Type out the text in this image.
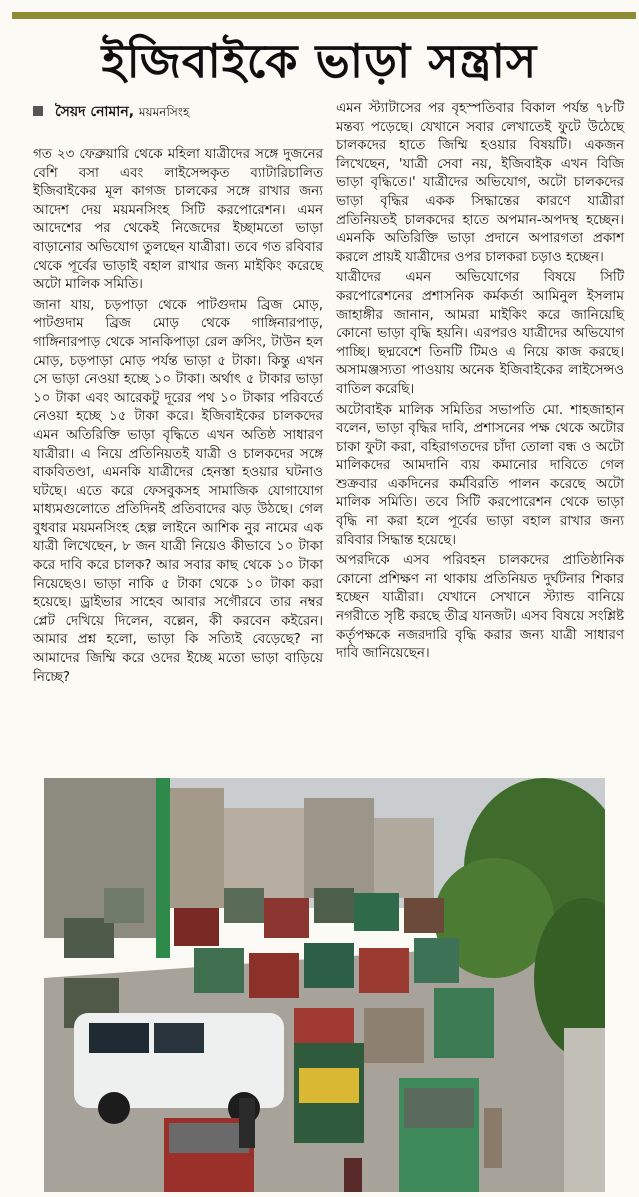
ইজিবাইকে ভাড়া সন্ত্রাস
সৈয়দ নোমান, ময়মনসিংহ

গত ২৩ ফেব্রুয়ারি থেকে মহিলা যাত্রীদের সঙ্গে দুজনের বেশি বসা এবং লাইসেন্সকৃত ব্যাটারিচালিত ইজিবাইকের মূল কাগজ চালকের সঙ্গে রাখার জন্য আদেশ দেয় ময়মনসিংহ সিটি করপোরেশন। এমন আদেশের পর থেকেই নিজেদের ইচ্ছামতো ভাড়া বাড়ানোর অভিযোগ তুলছেন যাত্রীরা। তবে গত রবিবার থেকে পূর্বের ভাড়াই বহাল রাখার জন্য মাইকিং করেছে অটো মালিক সমিতি।

জানা যায়, চড়পাড়া থেকে পাটগুদাম ব্রিজ মোড়, পাটগুদাম ব্রিজ মোড় থেকে গাঙ্গিনারপাড়, গাঙ্গিনারপাড় থেকে সানকিপাড়া রেল ক্রসিং, টাউন হল মোড়, চড়পাড়া মোড় পর্যন্ত ভাড়া ৫ টাকা। কিন্তু এখন সে ভাড়া নেওয়া হচ্ছে ১০ টাকা। অর্থাৎ ৫ টাকার ভাড়া ১০ টাকা এবং আরেকটু দূরের পথ ১০ টাকার পরিবর্তে নেওয়া হচ্ছে ১৫ টাকা করে। ইজিবাইকের চালকদের এমন অতিরিক্তি ভাড়া বৃদ্ধিতে এখন অতিষ্ঠ সাধারণ যাত্রীরা। এ নিয়ে প্রতিনিয়তই যাত্রী ও চালকদের সঙ্গে বাকবিতণ্ডা, এমনকি যাত্রীদের হেনস্তা হওয়ার ঘটনাও ঘটছে। এতে করে ফেসবুকসহ সামাজিক যোগাযোগ মাধ্যমগুলোতে প্রতিদিনই প্রতিবাদের ঝড় উঠছে। গেল বুধবার ময়মনসিংহ হেল্প লাইনে আশিক নুর নামের এক যাত্রী লিখেছেন, ৮ জন যাত্রী নিয়েও কীভাবে ১০ টাকা করে দাবি করে চালক? আর সবার কাছ থেকে ১০ টাকা নিয়েছেও। ভাড়া নাকি ৫ টাকা থেকে ১০ টাকা করা হয়েছে। ড্রাইভার সাহেব আবার সগৌরবে তার নম্বর প্লেট দেখিয়ে দিলেন, বল্লেন, কী করবেন কইরেন। আমার প্রশ্ন হলো, ভাড়া কি সত্যিই বেড়েছে? না আমাদের জিম্মি করে ওদের ইচ্ছে মতো ভাড়া বাড়িয়ে নিচ্ছে?

এমন স্ট্যাটাসের পর বৃহস্পতিবার বিকাল পর্যন্ত ৭৮টি মন্তব্য পড়েছে। যেখানে সবার লেখাতেই ফুটে উঠেছে চালকদের হাতে জিম্মি হওয়ার বিষয়টি। একজন লিখেছেন, 'যাত্রী সেবা নয়, ইজিবাইক এখন বিজি ভাড়া বৃদ্ধিতে।' যাত্রীদের অভিযোগ, অটো চালকদের ভাড়া বৃদ্ধির একক সিদ্ধান্তের কারণে যাত্রীরা প্রতিনিয়তই চালকদের হাতে অপমান-অপদস্থ হচ্ছেন। এমনকি অতিরিক্তি ভাড়া প্রদানে অপারগতা প্রকাশ করলে প্রায়ই যাত্রীদের ওপর চালকরা চড়াও হচ্ছেন।

যাত্রীদের এমন অভিযোগের বিষয়ে সিটি করপোরেশনের প্রশাসনিক কর্মকর্তা আমিনুল ইসলাম জাহাঙ্গীর জানান, আমরা মাইকিং করে জানিয়েছি কোনো ভাড়া বৃদ্ধি হয়নি। এরপরও যাত্রীদের অভিযোগ পাচ্ছি। ছদ্মবেশে তিনটি টিমও এ নিয়ে কাজ করছে। অসামঞ্জস্যতা পাওয়ায় অনেক ইজিবাইকের লাইসেন্সও বাতিল করেছি।

অটোবাইক মালিক সমিতির সভাপতি মো. শাহজাহান বলেন, ভাড়া বৃদ্ধির দাবি, প্রশাসনের পক্ষ থেকে অটোর চাকা ফুটা করা, বহিরাগতদের চাঁদা তোলা বন্ধ ও অটো মালিকদের আমদানি ব্যয় কমানোর দাবিতে গেল শুক্রবার একদিনের কর্মবিরতি পালন করেছে অটো মালিক সমিতি। তবে সিটি করপোরেশন থেকে ভাড়া বৃদ্ধি না করা হলে পূর্বের ভাড়া বহাল রাখার জন্য রবিবার সিদ্ধান্ত হয়েছে।

অপরদিকে এসব পরিবহন চালকদের প্রাতিষ্ঠানিক কোনো প্রশিক্ষণ না থাকায় প্রতিনিয়ত দুর্ঘটনার শিকার হচ্ছেন যাত্রীরা। যেখানে সেখানে স্ট্যান্ড বানিয়ে নগরীতে সৃষ্টি করছে তীব্র যানজট। এসব বিষয়ে সংশ্লিষ্ট কর্তৃপক্ষকে নজরদারি বৃদ্ধি করার জন্য যাত্রী সাধারণ দাবি জানিয়েছেন।
